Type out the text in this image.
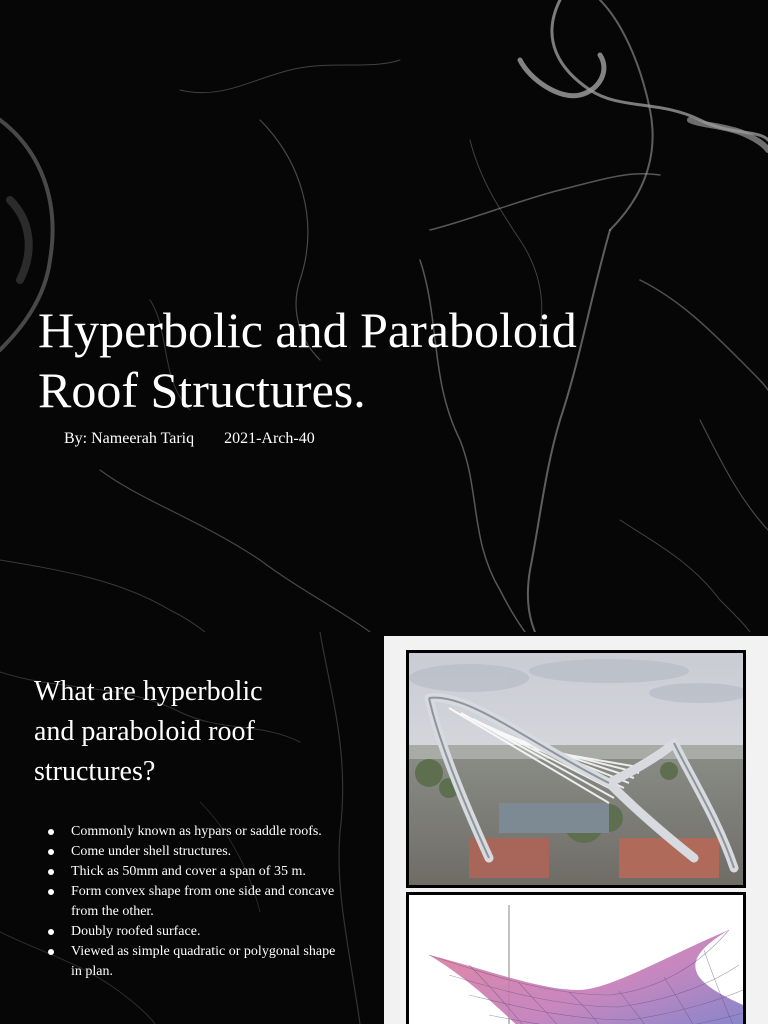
Hyperbolic and Paraboloid
Roof Structures.
By: Nameerah Tariq 2021-Arch-40
What are hyperbolic
and paraboloid roof
structures?
Commonly known as hypars or saddle roofs.
Come under shell structures.
Thick as 50mm and cover a span of 35 m.
Form convex shape from one side and concave from the other.
Doubly roofed surface.
Viewed as simple quadratic or polygonal shape in plan.
